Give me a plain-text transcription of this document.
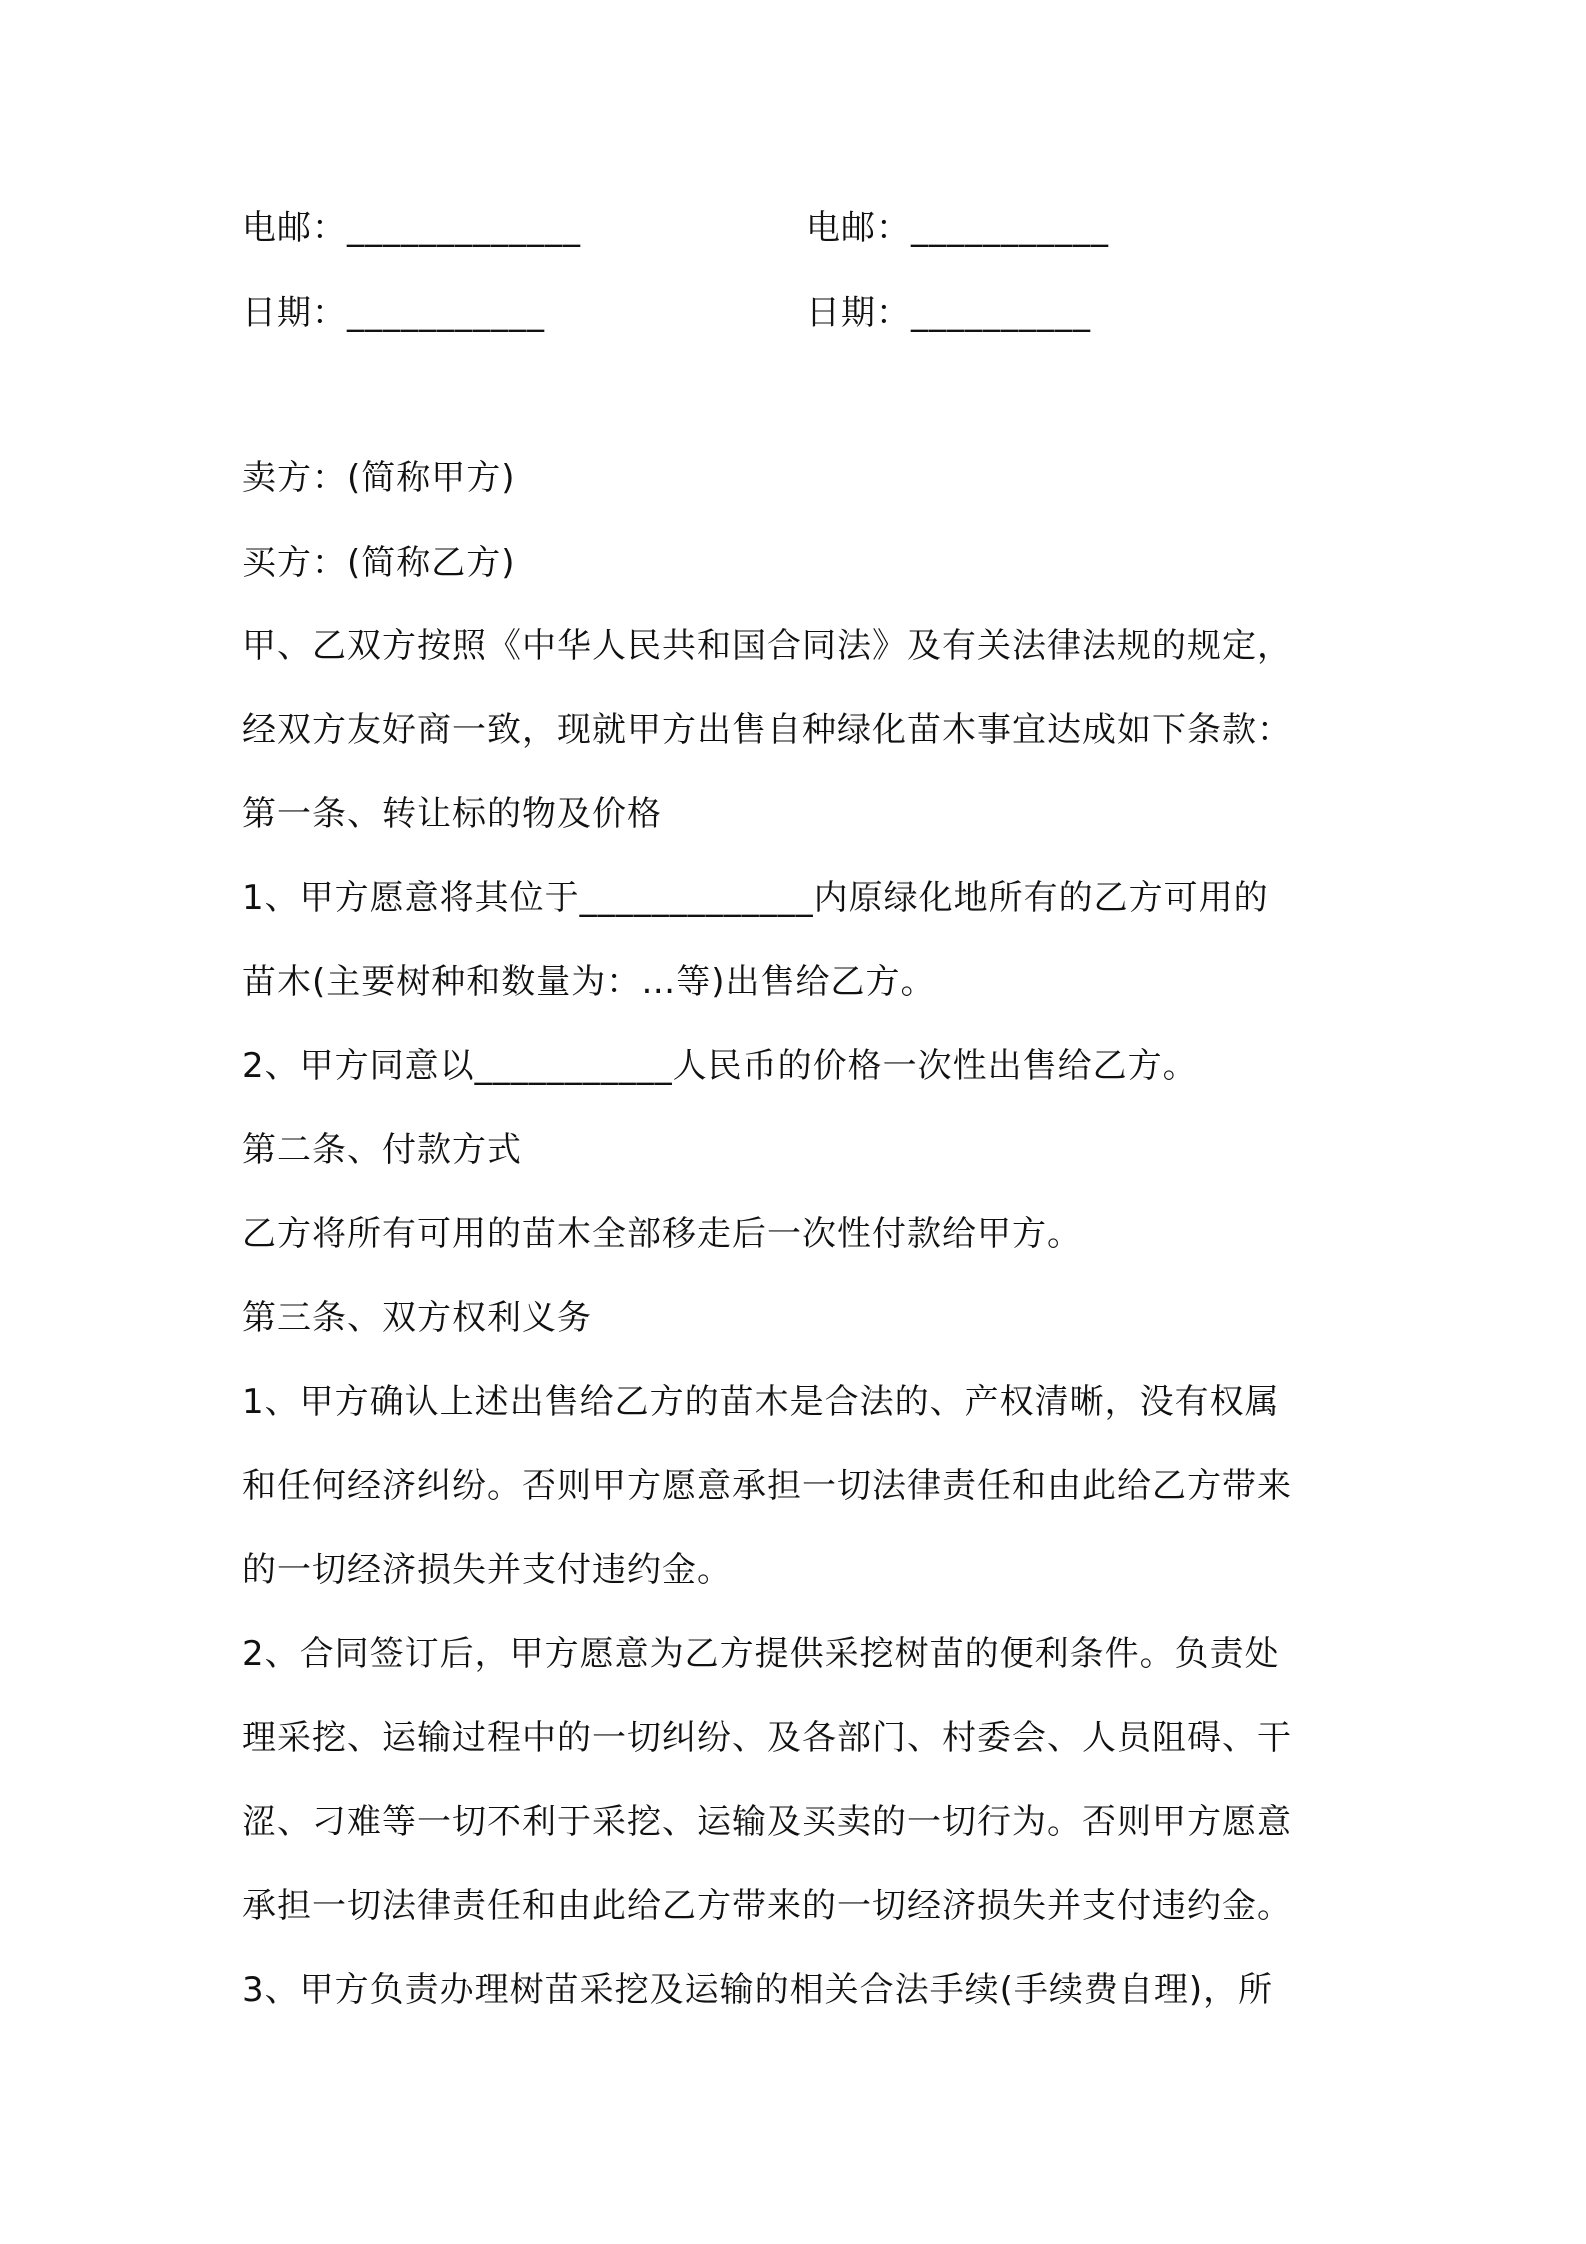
电邮：_____________	电邮：___________
日期：___________	日期：__________
卖方：(简称甲方)
买方：(简称乙方)
甲、乙双方按照《中华人民共和国合同法》及有关法律法规的规定，
经双方友好商一致，现就甲方出售自种绿化苗木事宜达成如下条款：
第一条、转让标的物及价格
1、甲方愿意将其位于_____________内原绿化地所有的乙方可用的
苗木(主要树种和数量为：…等)出售给乙方。
2、甲方同意以___________人民币的价格一次性出售给乙方。
第二条、付款方式
乙方将所有可用的苗木全部移走后一次性付款给甲方。
第三条、双方权利义务
1、甲方确认上述出售给乙方的苗木是合法的、产权清晰，没有权属
和任何经济纠纷。否则甲方愿意承担一切法律责任和由此给乙方带来
的一切经济损失并支付违约金。
2、合同签订后，甲方愿意为乙方提供采挖树苗的便利条件。负责处
理采挖、运输过程中的一切纠纷、及各部门、村委会、人员阻碍、干
涩、刁难等一切不利于采挖、运输及买卖的一切行为。否则甲方愿意
承担一切法律责任和由此给乙方带来的一切经济损失并支付违约金。
3、甲方负责办理树苗采挖及运输的相关合法手续(手续费自理)，所
